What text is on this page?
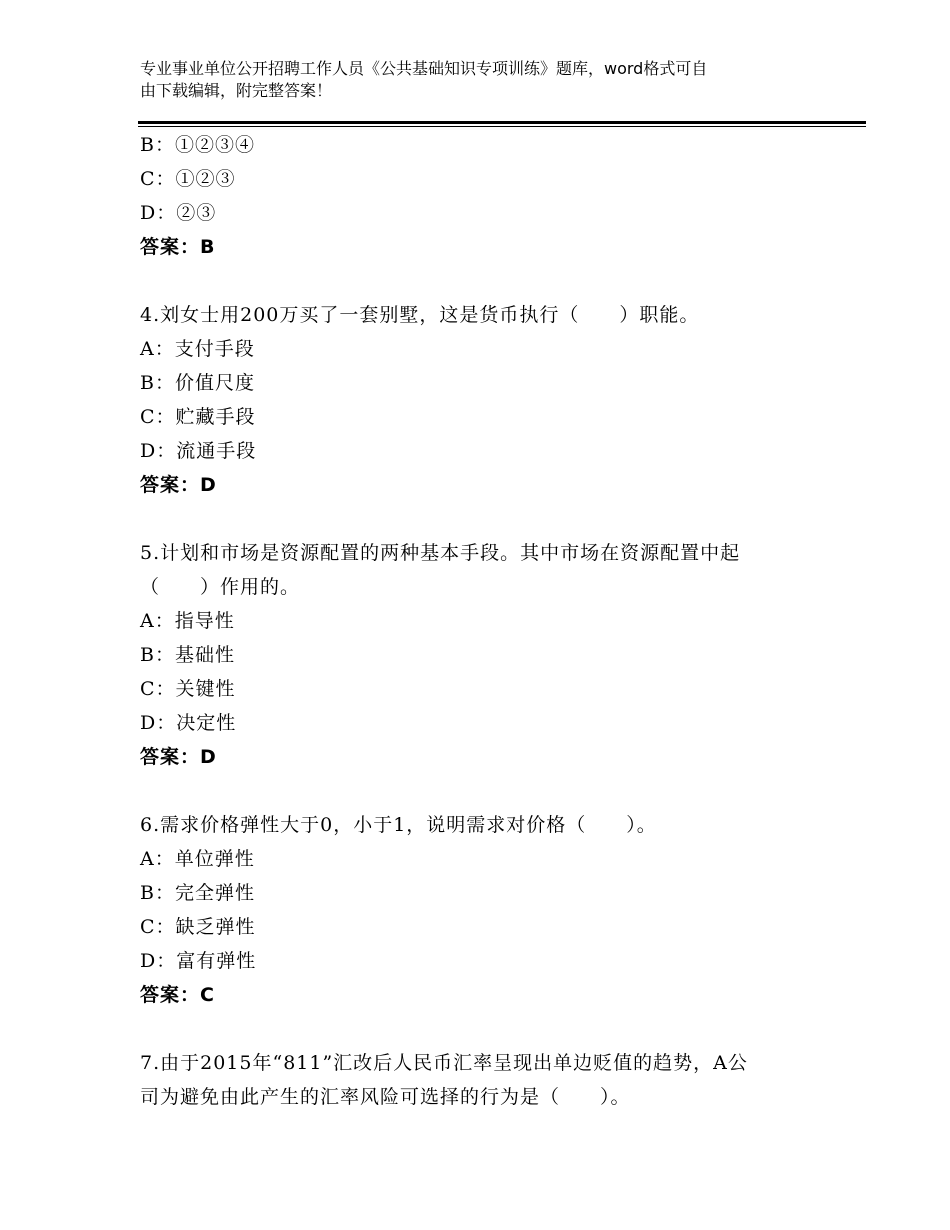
专业事业单位公开招聘工作人员《公共基础知识专项训练》题库，word格式可自
由下载编辑，附完整答案！
B：①②③④
C：①②③
D：②③
答案：B
4.刘女士用200万买了一套别墅，这是货币执行（　　）职能。
A：支付手段
B：价值尺度
C：贮藏手段
D：流通手段
答案：D
5.计划和市场是资源配置的两种基本手段。其中市场在资源配置中起
（　　）作用的。
A：指导性
B：基础性
C：关键性
D：决定性
答案：D
6.需求价格弹性大于0，小于1，说明需求对价格（　　）。
A：单位弹性
B：完全弹性
C：缺乏弹性
D：富有弹性
答案：C
7.由于2015年“811”汇改后人民币汇率呈现出单边贬值的趋势，A公
司为避免由此产生的汇率风险可选择的行为是（　　）。
